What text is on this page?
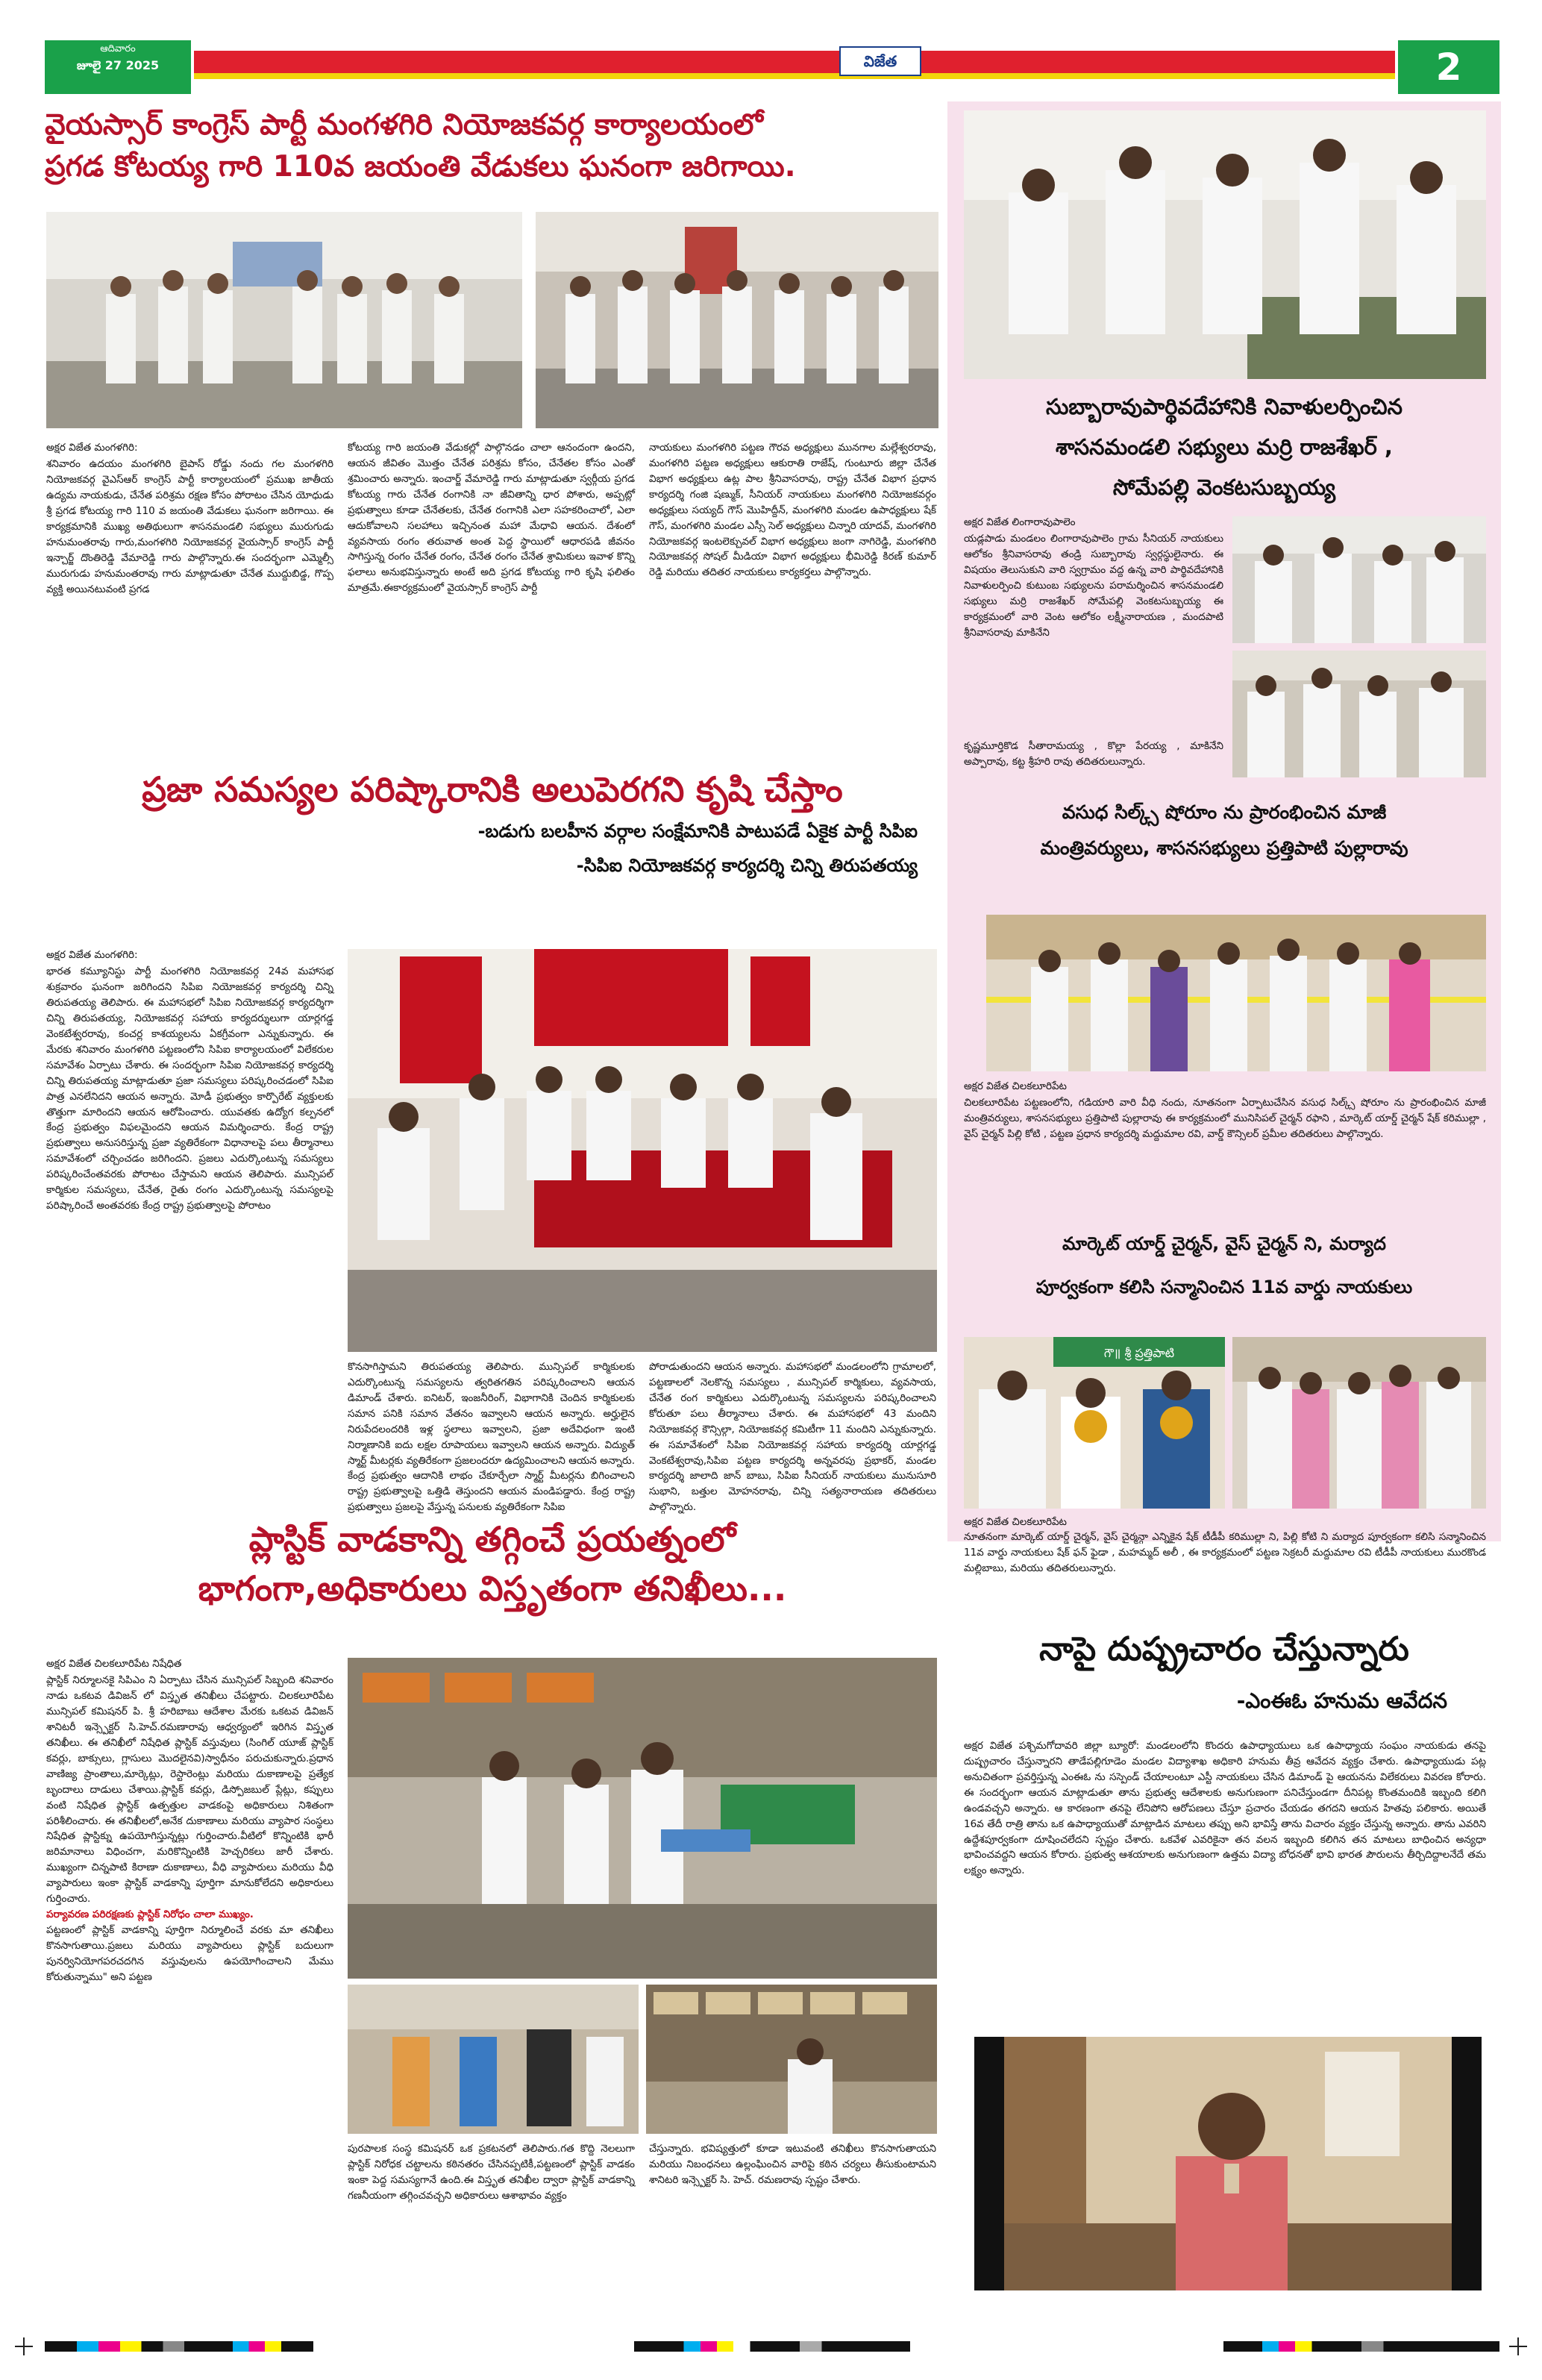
ఆదివారం
జూలై 27 2025	విజేత	2
వైయస్సార్ కాంగ్రెస్ పార్టీ మంగళగిరి నియోజకవర్గ కార్యాలయంలో
ప్రగడ కోటయ్య గారి 110వ జయంతి వేడుకలు ఘనంగా జరిగాయి.

అక్షర విజేత మంగళగిరి:

శనివారం ఉదయం మంగళగిరి బైపాస్ రోడ్డు నందు గల మంగళగిరి నియోజకవర్గ వైఎస్ఆర్ కాంగ్రెస్ పార్టీ కార్యాలయంలో ప్రముఖ జాతీయ ఉద్యమ నాయకుడు, చేనేత పరిశ్రమ రక్షణ కోసం పోరాటం చేసిన యోధుడు శ్రీ ప్రగడ కోటయ్య గారి 110 వ జయంతి వేడుకలు ఘనంగా జరిగాయి. ఈ కార్యక్రమానికి ముఖ్య అతిథులుగా శాసనమండలి సభ్యులు మురుగుడు హనుమంతరావు గారు,మంగళగిరి నియోజకవర్గ వైయస్సార్ కాంగ్రెస్ పార్టీ ఇన్చార్జ్ దొంతిరెడ్డి వేమారెడ్డి గారు పాల్గొన్నారు.ఈ సందర్భంగా ఎమ్మెల్సీ మురుగుడు హనుమంతరావు గారు మాట్లాడుతూ చేనేత ముద్దుబిడ్డ, గొప్ప వ్యక్తి అయినటువంటి ప్రగడ

కోటయ్య గారి జయంతి వేడుకల్లో పాల్గొనడం చాలా ఆనందంగా ఉందని, ఆయన జీవితం మొత్తం చేనేత పరిశ్రమ కోసం, చేనేతల కోసం ఎంతో శ్రమించారు అన్నారు. ఇంచార్జ్ వేమారెడ్డి గారు మాట్లాడుతూ స్వర్గీయ ప్రగడ కోటయ్య గారు చేనేత రంగానికి నా జీవితాన్ని ధార పోశారు, అప్పట్లో ప్రభుత్వాలు కూడా చేనేతలకు, చేనేత రంగానికి ఎలా సహకరించాలో, ఎలా ఆదుకోవాలని సలహాలు ఇచ్చినంత మహా మేధావి ఆయన. దేశంలో వ్యవసాయ రంగం తరువాత అంత పెద్ద స్థాయిలో ఆధారపడి జీవనం సాగిస్తున్న రంగం చేనేత రంగం, చేనేత రంగం చేనేత శ్రామికులు ఇవాళ కొన్ని ఫలాలు అనుభవిస్తున్నారు అంటే అది ప్రగడ కోటయ్య గారి కృషి ఫలితం మాత్రమే.ఈకార్యక్రమంలో వైయస్సార్ కాంగ్రెస్ పార్టీ

నాయకులు మంగళగిరి పట్టణ గౌరవ అధ్యక్షులు మునగాల మల్లేశ్వరరావు, మంగళగిరి పట్టణ అధ్యక్షులు ఆకురాతి రాజేష్, గుంటూరు జిల్లా చేనేత విభాగ అధ్యక్షులు ఉట్ల పాల శ్రీనివాసరావు, రాష్ట్ర చేనేత విభాగ ప్రధాన కార్యదర్శి గంజి షణ్ముక్, సీనియర్ నాయకులు మంగళగిరి నియోజకవర్గం అధ్యక్షులు సయ్యద్ గౌస్ మొహిద్దీన్, మంగళగిరి మండల ఉపాధ్యక్షులు షేక్ గౌస్, మంగళగిరి మండల ఎస్సీ సెల్ అధ్యక్షులు చిన్నారి యాదవ్, మంగళగిరి నియోజకవర్గ ఇంటలెక్చువల్ విభాగ అధ్యక్షులు జంగా నాగిరెడ్డి, మంగళగిరి నియోజకవర్గ సోషల్ మీడియా విభాగ అధ్యక్షులు భీమిరెడ్డి కిరణ్ కుమార్ రెడ్డి మరియు తదితర నాయకులు కార్యకర్తలు పాల్గొన్నారు.

ప్రజా సమస్యల పరిష్కారానికి అలుపెరగని కృషి చేస్తాం
-బడుగు బలహీన వర్గాల సంక్షేమానికి పాటుపడే ఏకైక పార్టీ సిపిఐ
-సిపిఐ నియోజకవర్గ కార్యదర్శి చిన్ని తిరుపతయ్య

అక్షర విజేత మంగళగిరి:

భారత కమ్యూనిస్టు పార్టీ మంగళగిరి నియోజకవర్గ 24వ మహాసభ శుక్రవారం ఘనంగా జరిగిందని సిపిఐ నియోజకవర్గ కార్యదర్శి చిన్ని తిరుపతయ్య తెలిపారు. ఈ మహాసభలో సిపిఐ నియోజకవర్గ కార్యదర్శిగా చిన్ని తిరుపతయ్య, నియోజకవర్గ సహాయ కార్యదర్శులుగా యార్లగడ్డ వెంకటేశ్వరరావు, కంచర్ల కాశయ్యలను ఏకగ్రీవంగా ఎన్నుకున్నారు. ఈ మేరకు శనివారం మంగళగిరి పట్టణంలోని సిపిఐ కార్యాలయంలో విలేకరుల సమావేశం ఏర్పాటు చేశారు. ఈ సందర్భంగా సిపిఐ నియోజకవర్గ కార్యదర్శి చిన్ని తిరుపతయ్య మాట్లాడుతూ ప్రజా సమస్యలు పరిష్కరించడంలో సిపిఐ పాత్ర ఎనలేనిదని ఆయన అన్నారు. మోడీ ప్రభుత్వం కార్పొరేట్ వ్యక్తులకు తొత్తుగా మారిందని ఆయన ఆరోపించారు. యువతకు ఉద్యోగ కల్పనలో కేంద్ర ప్రభుత్వం విఫలమైందని ఆయన విమర్శించారు. కేంద్ర రాష్ట్ర ప్రభుత్వాలు అనుసరిస్తున్న ప్రజా వ్యతిరేకంగా విధానాలపై పలు తీర్మానాలు సమావేశంలో చర్చించడం జరిగిందని. ప్రజలు ఎదుర్కొంటున్న సమస్యలు పరిష్కరించేంతవరకు పోరాటం చేస్తామని ఆయన తెలిపారు. మున్సిపల్ కార్మికుల సమస్యలు, చేనేత, రైతు రంగం ఎదుర్కొంటున్న సమస్యలపై పరిష్కారించే అంతవరకు కేంద్ర రాష్ట్ర ప్రభుత్వాలపై పోరాటం

కొనసాగిస్తామని తిరుపతయ్య తెలిపారు. మున్సిపల్ కార్మికులకు ఎదుర్కొంటున్న సమస్యలను త్వరితగతిన పరిష్కరించాలని ఆయన డిమాండ్ చేశారు. ఐనిటర్, ఇంజనీరింగ్, విభాగానికి చెందిన కార్మికులకు సమాన పనికి సమాన వేతనం ఇవ్వాలని ఆయన అన్నారు. అర్హులైన నిరుపేదలందరికి ఇళ్ల స్థలాలు ఇవ్వాలని, ప్రజా అదేవిధంగా ఇంటి నిర్మాణానికి ఐదు లక్షల రూపాయలు ఇవ్వాలని ఆయన అన్నారు. విద్యుత్ స్మార్ట్ మీటర్లకు వ్యతిరేకంగా ప్రజలందరూ ఉద్యమించాలని ఆయన అన్నారు. కేంద్ర ప్రభుత్వం ఆదానికి లాభం చేకూర్చేలా స్మార్ట్ మీటర్లను బిగించాలని రాష్ట్ర ప్రభుత్వాలపై ఒత్తిడి తెస్తుందని ఆయన మండిపడ్డారు. కేంద్ర రాష్ట్ర ప్రభుత్వాలు ప్రజలపై వేస్తున్న పనులకు వ్యతిరేకంగా సిపిఐ

పోరాడుతుందని ఆయన అన్నారు. మహాసభలో మండలంలోని గ్రామాలలో, పట్టణాలలో నెలకొన్న సమస్యలు , మున్సిపల్ కార్మికులు, వ్యవసాయ, చేనేత రంగ కార్మికులు ఎదుర్కొంటున్న సమస్యలను పరిష్కరించాలని కోరుతూ పలు తీర్మానాలు చేశారు. ఈ మహాసభలో 43 మందిని నియోజకవర్గ కౌన్సిల్గా, నియోజకవర్గ కమిటీగా 11 మందిని ఎన్నుకున్నారు. ఈ సమావేశంలో సిపిఐ నియోజకవర్గ సహాయ కార్యదర్శి యార్లగడ్డ వెంకటేశ్వరావు,సిపిఐ పట్టణ కార్యదర్శి అన్నవరపు ప్రభాకర్, మండల కార్యదర్శి జాలాది జాన్ బాబు, సిపిఐ సీనియర్ నాయకులు మునుసూరి సుభాని, బత్తుల మోహనరావు, చిన్ని సత్యనారాయణ తదితరులు పాల్గొన్నారు.

ప్లాస్టిక్ వాడకాన్ని తగ్గించే ప్రయత్నంలో
భాగంగా,అధికారులు విస్తృతంగా తనిఖీలు...

అక్షర విజేత చిలకలూరిపేట నిషేధిత

ప్లాస్టిక్ నిర్మూలనకై సిపిఎం ని ఏర్పాటు చేసిన మున్సిపల్ సిబ్బంది శనివారం నాడు ఒకటవ డివిజన్ లో విస్తృత తనిఖీలు చేపట్టారు. చిలకలూరిపేట మున్సిపల్ కమిషనర్ పి. శ్రీ హరిబాబు ఆదేశాల మేరకు ఒకటవ డివిజన్ శానిటరీ ఇన్స్పెక్టర్ సి.హెచ్.రమణారావు ఆధ్వర్యంలో ఇరిగిన విస్తృత తనిఖీలు. ఈ తనిఖీలో నిషేధిత ప్లాస్టిక్ వస్తువులు (సింగిల్ యూజ్ ప్లాస్టిక్ కవర్లు, బాక్సులు, గ్లాసులు మొదలైనవి)స్వాధీనం పరుచుకున్నారు.ప్రధాన వాణిజ్య ప్రాంతాలు,మార్కెట్లు, రెస్టారెంట్లు మరియు దుకాణాలపై ప్రత్యేక బృందాలు దాడులు చేశాయి.ప్లాస్టిక్ కవర్లు, డిస్పోజబుల్ ప్లేట్లు, కప్పులు వంటి నిషేధిత ప్లాస్టిక్ ఉత్పత్తుల వాడకంపై అధికారులు నిశితంగా పరిశీలించారు. ఈ తనిఖీలలో,అనేక దుకాణాలు మరియు వ్యాపార సంస్థలు నిషేధిత ప్లాస్టిక్ను ఉపయోగిస్తున్నట్లు గుర్తించారు.వీటిలో కొన్నింటికి భారీ జరిమానాలు విధించగా, మరికొన్నింటికి హెచ్చరికలు జారీ చేశారు. ముఖ్యంగా చిన్నపాటి కిరాణా దుకాణాలు, వీధి వ్యాపారులు మరియు వీధి వ్యాపారులు ఇంకా ప్లాస్టిక్ వాడకాన్ని పూర్తిగా మానుకోలేదని అధికారులు గుర్తించారు.

పర్యావరణ పరిరక్షణకు ప్లాస్టిక్ నిరోధం చాలా ముఖ్యం.

పట్టణంలో ప్లాస్టిక్ వాడకాన్ని పూర్తిగా నిర్మూలించే వరకు మా తనిఖీలు కొనసాగుతాయి.ప్రజలు మరియు వ్యాపారులు ప్లాస్టిక్ బదులుగా పునర్వినియోగపరచదగిన వస్తువులను ఉపయోగించాలని మేము కోరుతున్నాము" అని పట్టణ

పురపాలక సంస్థ కమిషనర్ ఒక ప్రకటనలో తెలిపారు.గత కొద్ది నెలలుగా ప్లాస్టిక్ నిరోధక చట్టాలను కఠినతరం చేసినప్పటికీ,పట్టణంలో ప్లాస్టిక్ వాడకం ఇంకా పెద్ద సమస్యగానే ఉంది.ఈ విస్తృత తనిఖీల ద్వారా ప్లాస్టిక్ వాడకాన్ని గణనీయంగా తగ్గించవచ్చని అధికారులు ఆశాభావం వ్యక్తం

చేస్తున్నారు. భవిష్యత్తులో కూడా ఇటువంటి తనిఖీలు కొనసాగుతాయని మరియు నిబంధనలు ఉల్లంఘించిన వారిపై కఠిన చర్యలు తీసుకుంటామని శానిటరి ఇన్స్పెక్టర్ సి. హెచ్. రమణరావు స్పష్టం చేశారు.

సుబ్బారావుపార్థివదేహానికి నివాళులర్పించిన
శాసనమండలి సభ్యులు మర్రి రాజశేఖర్ ,
సోమేపల్లి వెంకటసుబ్బయ్య

అక్షర విజేత లింగారావుపాలెం

యడ్లపాడు మండలం లింగారావుపాలెం గ్రామ సీనియర్ నాయకులు ఆలోకం శ్రీనివాసరావు తండ్రి సుబ్బారావు స్వర్గస్థులైనారు. ఈ విషయం తెలుసుకుని వారి స్వగ్రామం వద్ద ఉన్న వారి పార్థివదేహానికి నివాళులర్పించి కుటుంబ సభ్యులను పరామర్శించిన శాసనమండలి సభ్యులు మర్రి రాజశేఖర్ సోమేపల్లి వెంకటసుబ్బయ్య ఈ కార్యక్రమంలో వారి వెంట ఆలోకం లక్ష్మీనారాయణ , మందపాటి శ్రీనివాసరావు మాకినేని

కృష్ణమూర్తికొడ సీతారామయ్య , కొల్లా పేరయ్య , మాకినేని అప్పారావు, కట్ట శ్రీహరి రావు తదితరులున్నారు.

వసుధ సిల్క్స్ షోరూం ను ప్రారంభించిన మాజీ
మంత్రివర్యులు, శాసనసభ్యులు ప్రత్తిపాటి పుల్లారావు

అక్షర విజేత చిలకలూరిపేట

చిలకలూరిపేట పట్టణంలోని, గడియారి వారి వీధి నందు, నూతనంగా ఏర్పాటుచేసిన వసుధ సిల్క్స్ షోరూం ను ప్రారంభించిన మాజీ మంత్రివర్యులు, శాసనసభ్యులు ప్రత్తిపాటి పుల్లారావు ఈ కార్యక్రమంలో మునిసిపల్ చైర్మన్ రఫాని , మార్కెట్ యార్డ్ చైర్మన్ షేక్ కరిముల్లా , వైస్ చైర్మన్ పిల్లి కోటి , పట్టణ ప్రధాన కార్యదర్శి మద్దుమాల రవి, వార్డ్ కౌన్సిలర్ ప్రమీల తదితరులు పాల్గొన్నారు.

మార్కెట్ యార్డ్ చైర్మన్, వైస్ చైర్మన్ ని, మర్యాద
పూర్వకంగా కలిసి సన్మానించిన 11వ వార్డు నాయకులు
గౌ॥ శ్రీ ప్రత్తిపాటి

అక్షర విజేత చిలకలూరిపేట

నూతనంగా మార్కెట్ యార్డ్ చైర్మన్, వైస్ చైర్మన్గా ఎన్నికైన షేక్ టీడీపీ కరిముల్లా ని, పిల్లి కోటి ని మర్యాద పూర్వకంగా కలిసి సన్మానించిన 11వ వార్డు నాయకులు షేక్ ఫన్ ఫైడా , మహమ్మద్ అలీ , ఈ కార్యక్రమంలో పట్టణ సెక్రటరీ మద్దుమాల రవి టీడీపీ నాయకులు మురకొండ మల్లిబాబు, మరియు తదితరులున్నారు.

నాపై దుష్ప్రచారం చేస్తున్నారు
-ఎంఈఓ హనుమ ఆవేదన

అక్షర విజేత పశ్చిమగోదావరి జిల్లా బ్యూరో: మండలంలోని కొందరు ఉపాధ్యాయులు ఒక ఉపాధ్యాయ సంఘం నాయకుడు తనపై దుష్ప్రచారం చేస్తున్నారని తాడేపల్లిగూడెం మండల విద్యాశాఖ అధికారి హనుమ తీవ్ర ఆవేదన వ్యక్తం చేశారు. ఉపాధ్యాయుడు పట్ల అనుచితంగా ప్రవర్తిస్తున్న ఎంఈఓ ను సస్పెండ్ చేయాలంటూ ఎస్టీ నాయకులు చేసిన డిమాండ్ పై ఆయనను విలేకరులు వివరణ కోరారు. ఈ సందర్భంగా ఆయన మాట్లాడుతూ తాను ప్రభుత్వ ఆదేశాలకు అనుగుణంగా పనిచేస్తుండగా దీనిపట్ల కొంతమందికి ఇబ్బంది కలిగి ఉండవచ్చని అన్నారు. ఆ కారణంగా తనపై లేనిపోని ఆరోపణలు చేస్తూ ప్రచారం చేయడం తగదని ఆయన హితవు పలికారు. అయితే 16వ తేదీ రాత్రి తాను ఒక ఉపాధ్యాయుతో మాట్లాడిన మాటలు తప్పు అని భావిస్తే తాను విచారం వ్యక్తం చేస్తున్న అన్నారు. తాను ఎవరిని ఉద్దేశపూర్వకంగా దూషించలేదని స్పష్టం చేశారు. ఒకవేళ ఎవరికైనా తన వలన ఇబ్బంది కలిగిన తన మాటలు బాధించిన అన్యధా భావించవద్దని ఆయన కోరారు. ప్రభుత్వ ఆశయాలకు అనుగుణంగా ఉత్తమ విద్యా బోధనతో భావి భారత పౌరులను తీర్చిదిద్దాలనేదే తమ లక్ష్యం అన్నారు.
